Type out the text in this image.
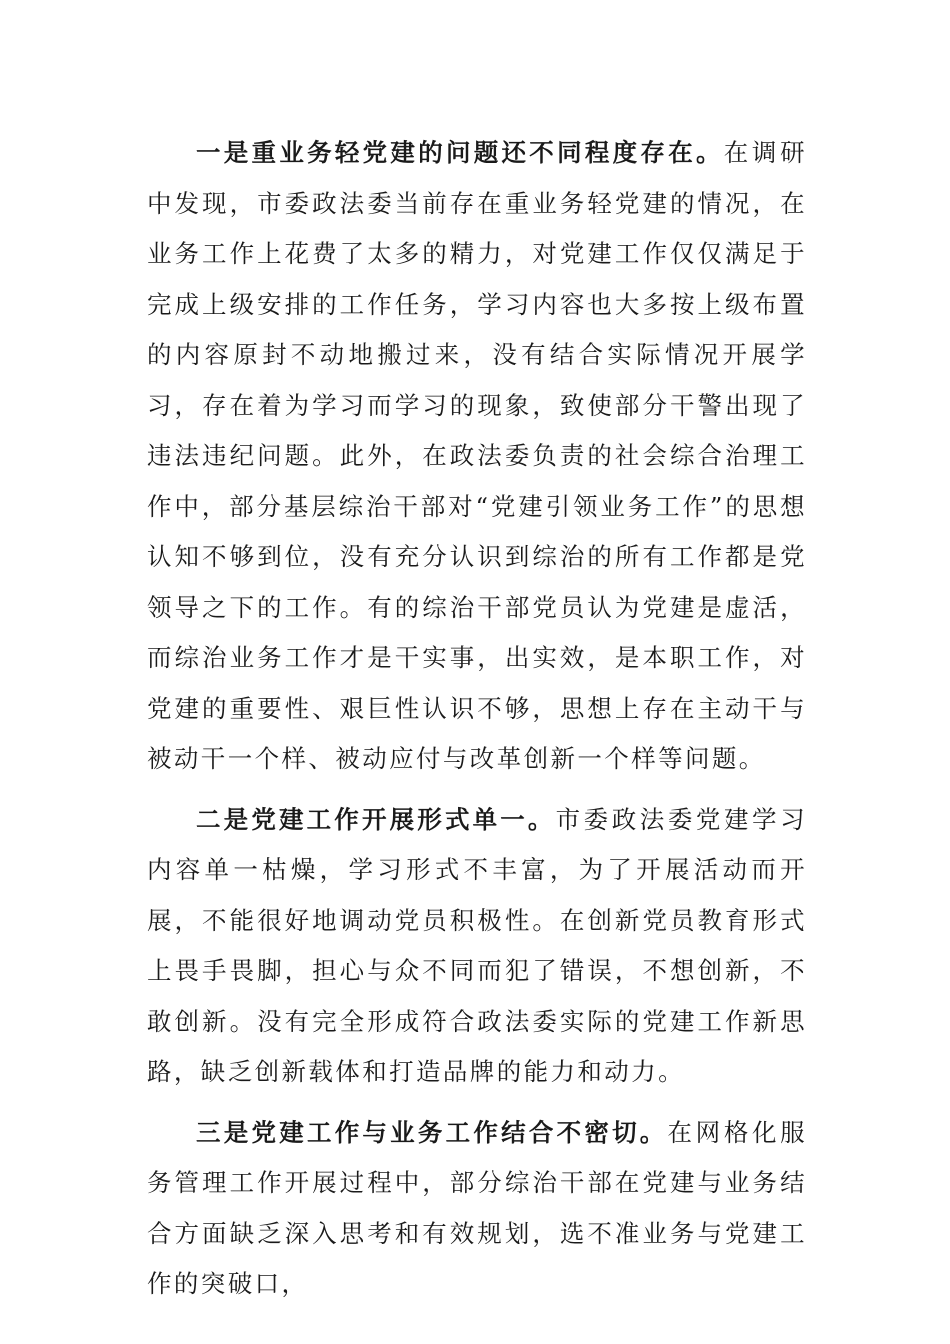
一是重业务轻党建的问题还不同程度存在。在调研中发现，市委政法委当前存在重业务轻党建的情况，在业务工作上花费了太多的精力，对党建工作仅仅满足于完成上级安排的工作任务，学习内容也大多按上级布置的内容原封不动地搬过来，没有结合实际情况开展学习，存在着为学习而学习的现象，致使部分干警出现了违法违纪问题。此外，在政法委负责的社会综合治理工作中，部分基层综治干部对“党建引领业务工作”的思想认知不够到位，没有充分认识到综治的所有工作都是党领导之下的工作。有的综治干部党员认为党建是虚活，而综治业务工作才是干实事，出实效，是本职工作，对党建的重要性、艰巨性认识不够，思想上存在主动干与被动干一个样、被动应付与改革创新一个样等问题。

二是党建工作开展形式单一。市委政法委党建学习内容单一枯燥，学习形式不丰富，为了开展活动而开展，不能很好地调动党员积极性。在创新党员教育形式上畏手畏脚，担心与众不同而犯了错误，不想创新，不敢创新。没有完全形成符合政法委实际的党建工作新思路，缺乏创新载体和打造品牌的能力和动力。

三是党建工作与业务工作结合不密切。在网格化服务管理工作开展过程中，部分综治干部在党建与业务结合方面缺乏深入思考和有效规划，选不准业务与党建工作的突破口，
